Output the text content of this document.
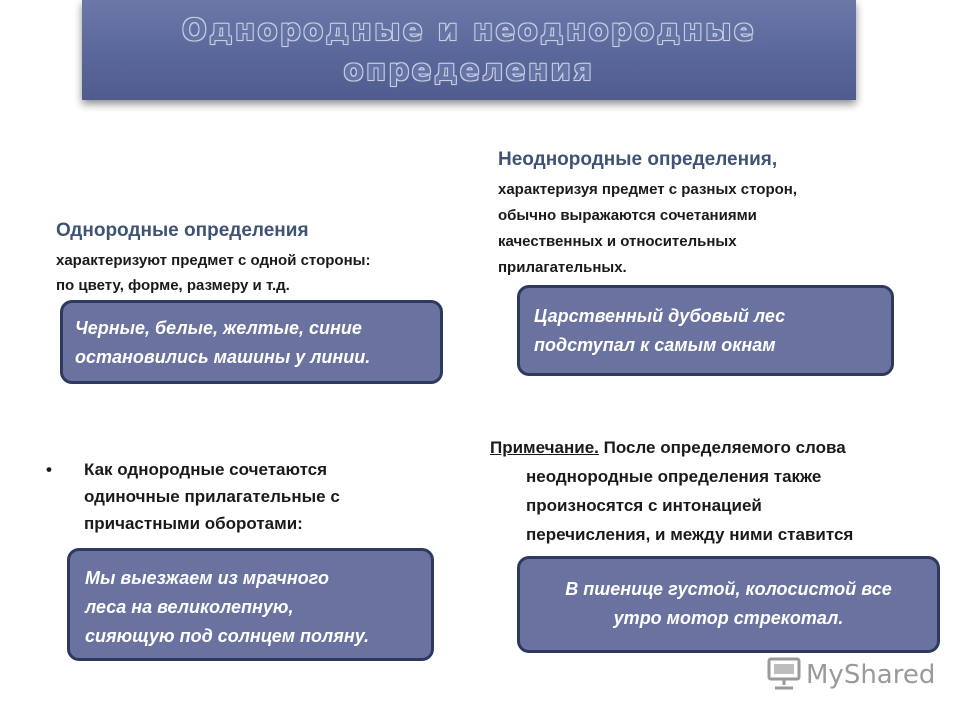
Однородные и неоднородные
определения
Однородные определения
характеризуют предмет с одной стороны:
по цвету, форме, размеру и т.д.
Черные, белые, желтые, синие
остановились машины у линии.
Неоднородные определения,
характеризуя предмет с разных сторон,
обычно выражаются сочетаниями
качественных и относительных
прилагательных.
Царственный дубовый лес
подступал к самым окнам
• Как однородные сочетаются
одиночные прилагательные с
причастными оборотами:
Мы выезжаем из мрачного
леса на великолепную,
сияющую под солнцем поляну.
Примечание. После определяемого слова
неоднородные определения также
произносятся с интонацией
перечисления, и между ними ставится
В пшенице густой, колосистой все
утро мотор стрекотал.
MyShared
